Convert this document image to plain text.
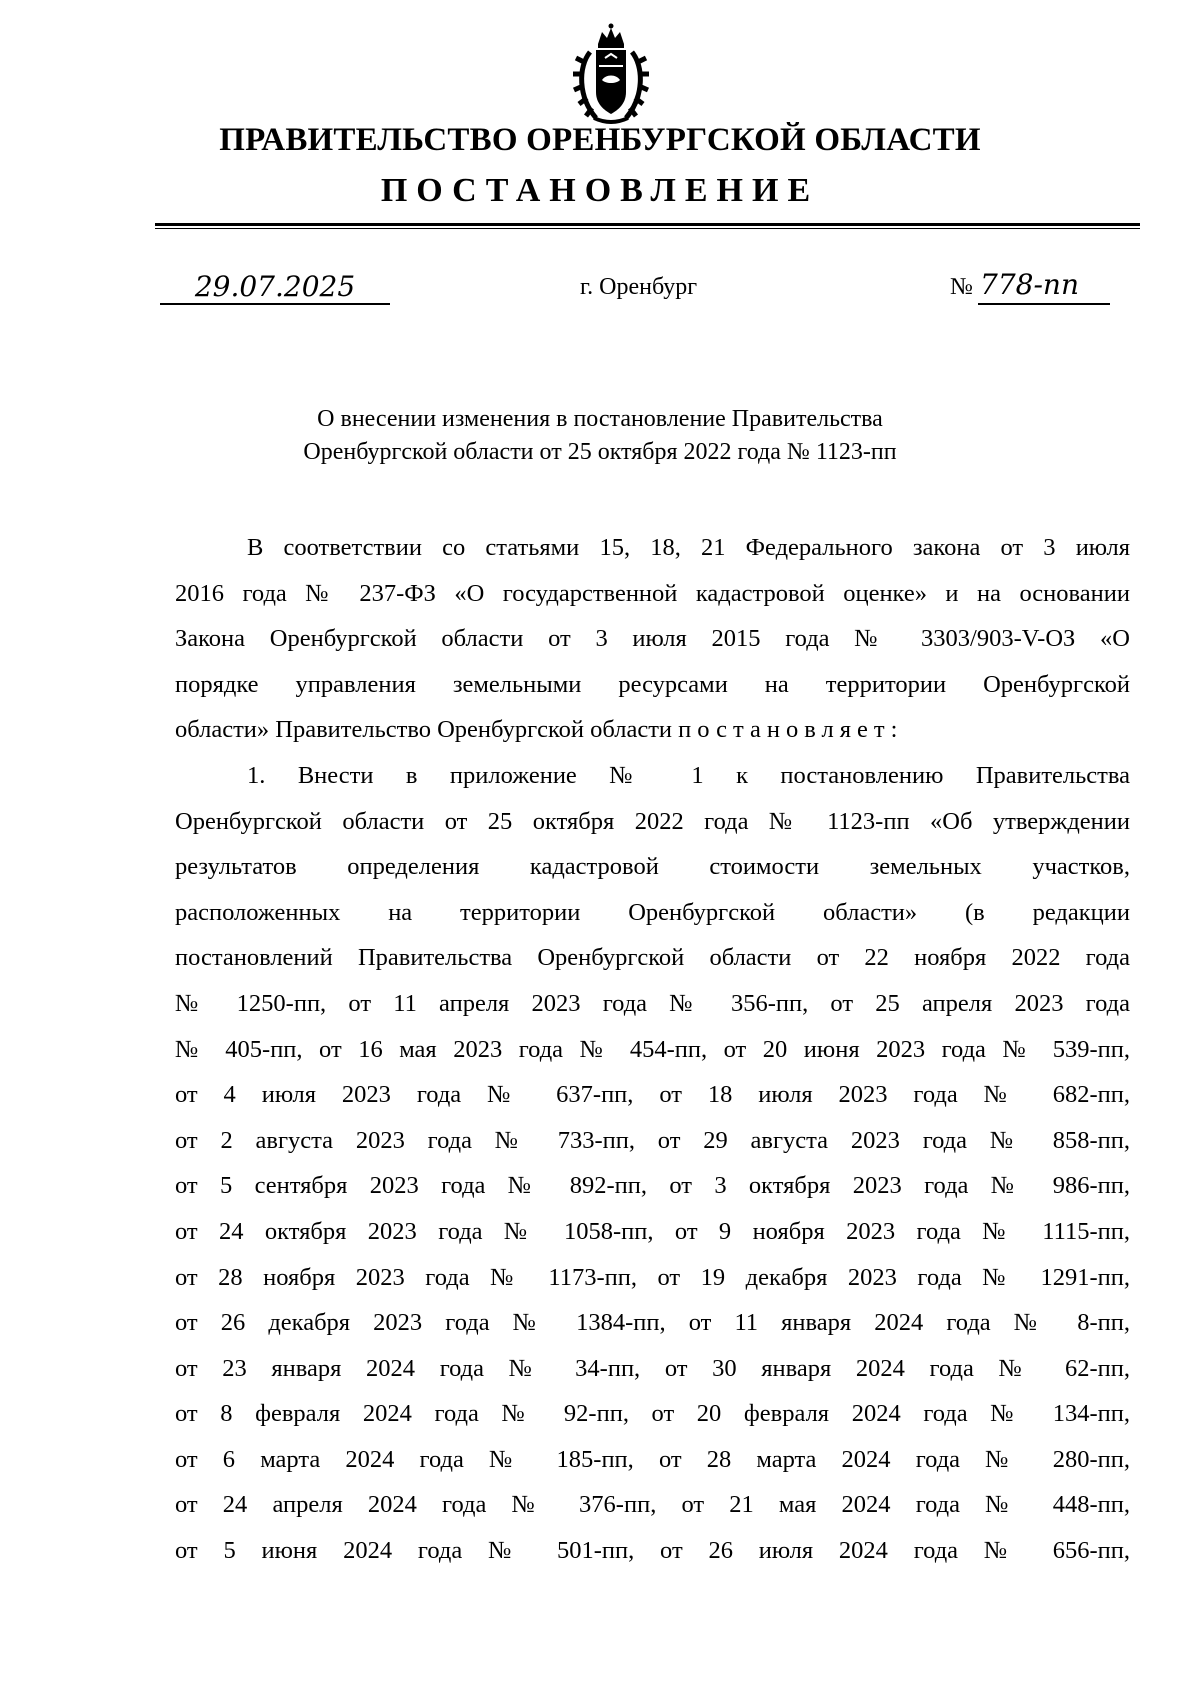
ПРАВИТЕЛЬСТВО ОРЕНБУРГСКОЙ ОБЛАСТИ
ПОСТАНОВЛЕНИЕ
29.07.2025	г. Оренбург	№ 778-пп
О внесении изменения в постановление Правительства
Оренбургской области от 25 октября 2022 года № 1123-пп
В соответствии со статьями 15, 18, 21 Федерального закона от 3 июля
2016 года № 237-ФЗ «О государственной кадастровой оценке» и на основании
Закона Оренбургской области от 3 июля 2015 года № 3303/903-V-ОЗ «О
порядке управления земельными ресурсами на территории Оренбургской
области» Правительство Оренбургской области постановляет:
1. Внести в приложение № 1 к постановлению Правительства
Оренбургской области от 25 октября 2022 года № 1123-пп «Об утверждении
результатов определения кадастровой стоимости земельных участков,
расположенных на территории Оренбургской области» (в редакции
постановлений Правительства Оренбургской области от 22 ноября 2022 года
№ 1250-пп, от 11 апреля 2023 года № 356-пп, от 25 апреля 2023 года
№ 405-пп, от 16 мая 2023 года № 454-пп, от 20 июня 2023 года № 539-пп,
от 4 июля 2023 года № 637-пп, от 18 июля 2023 года № 682-пп,
от 2 августа 2023 года № 733-пп, от 29 августа 2023 года № 858-пп,
от 5 сентября 2023 года № 892-пп, от 3 октября 2023 года № 986-пп,
от 24 октября 2023 года № 1058-пп, от 9 ноября 2023 года № 1115-пп,
от 28 ноября 2023 года № 1173-пп, от 19 декабря 2023 года № 1291-пп,
от 26 декабря 2023 года № 1384-пп, от 11 января 2024 года № 8-пп,
от 23 января 2024 года № 34-пп, от 30 января 2024 года № 62-пп,
от 8 февраля 2024 года № 92-пп, от 20 февраля 2024 года № 134-пп,
от 6 марта 2024 года № 185-пп, от 28 марта 2024 года № 280-пп,
от 24 апреля 2024 года № 376-пп, от 21 мая 2024 года № 448-пп,
от 5 июня 2024 года № 501-пп, от 26 июля 2024 года № 656-пп,
